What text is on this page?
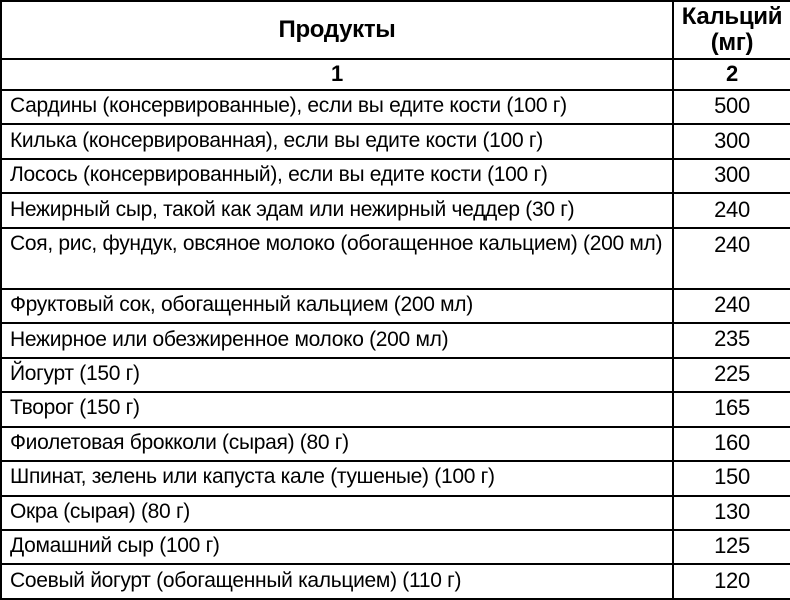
Продукты	Кальций (мг)
1	2
Сардины (консервированные), если вы едите кости (100 г)	500
Килька (консервированная), если вы едите кости (100 г)	300
Лосось (консервированный), если вы едите кости (100 г)	300
Нежирный сыр, такой как эдам или нежирный чеддер (30 г)	240
Соя, рис, фундук, овсяное молоко (обогащенное кальцием) (200 мл)	240
Фруктовый сок, обогащенный кальцием (200 мл)	240
Нежирное или обезжиренное молоко (200 мл)	235
Йогурт (150 г)	225
Творог (150 г)	165
Фиолетовая брокколи (сырая) (80 г)	160
Шпинат, зелень или капуста кале (тушеные) (100 г)	150
Окра (сырая) (80 г)	130
Домашний сыр (100 г)	125
Соевый йогурт (обогащенный кальцием) (110 г)	120
